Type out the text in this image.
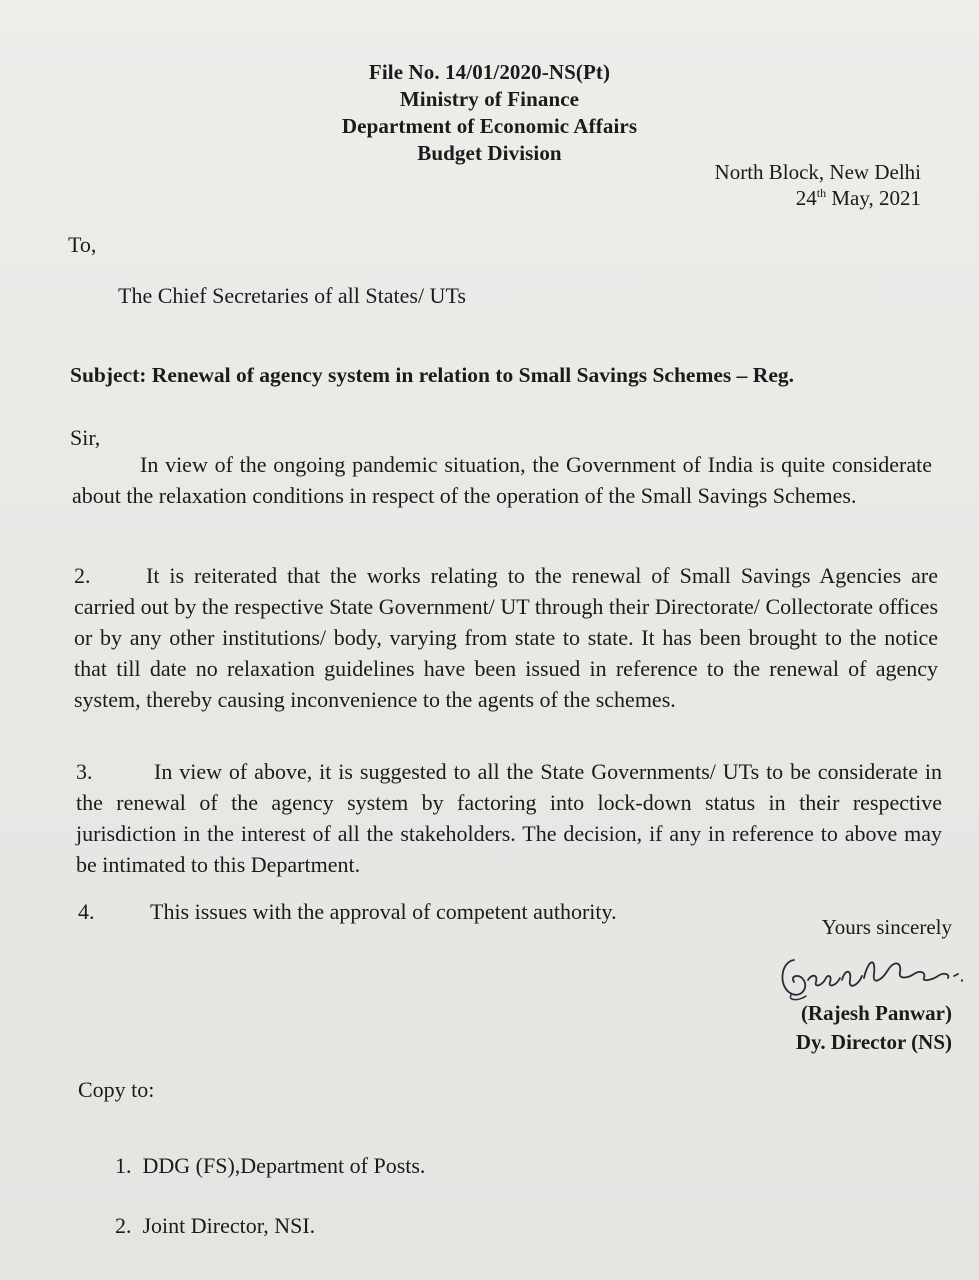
File No. 14/01/2020-NS(Pt)
Ministry of Finance
Department of Economic Affairs
Budget Division
North Block, New Delhi
24th May, 2021
To,
The Chief Secretaries of all States/ UTs
Subject: Renewal of agency system in relation to Small Savings Schemes – Reg.
Sir,
In view of the ongoing pandemic situation, the Government of India is quite considerate about the relaxation conditions in respect of the operation of the Small Savings Schemes.
2.	It is reiterated that the works relating to the renewal of Small Savings Agencies are carried out by the respective State Government/ UT through their Directorate/ Collectorate offices or by any other institutions/ body, varying from state to state. It has been brought to the notice that till date no relaxation guidelines have been issued in reference to the renewal of agency system, thereby causing inconvenience to the agents of the schemes.
3.	In view of above, it is suggested to all the State Governments/ UTs to be considerate in the renewal of the agency system by factoring into lock-down status in their respective jurisdiction in the interest of all the stakeholders. The decision, if any in reference to above may be intimated to this Department.
4.	This issues with the approval of competent authority.
Yours sincerely
(Rajesh Panwar)
Dy. Director (NS)
Copy to:
1.  DDG (FS),Department of Posts.
2.  Joint Director, NSI.
